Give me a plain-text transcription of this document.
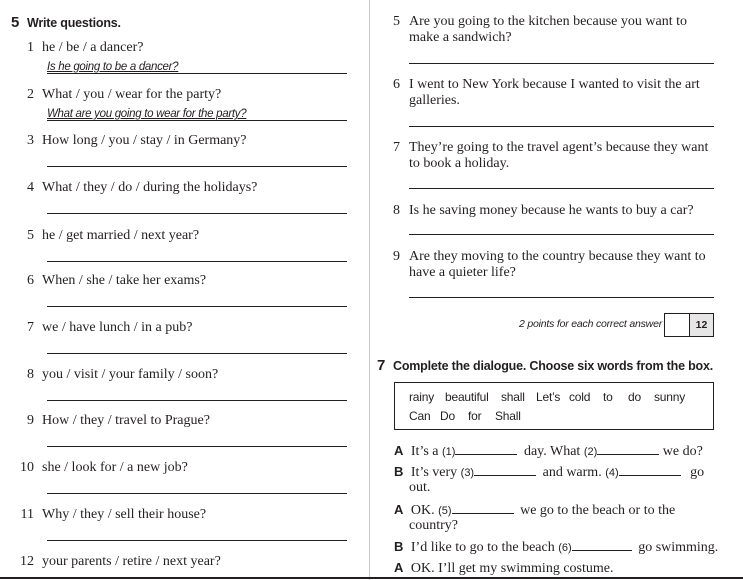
5 Write questions.
1 he / be / a dancer?
Is he going to be a dancer?
2 What / you / wear for the party?
What are you going to wear for the party?
3 How long / you / stay / in Germany?
4 What / they / do / during the holidays?
5 he / get married / next year?
6 When / she / take her exams?
7 we / have lunch / in a pub?
8 you / visit / your family / soon?
9 How / they / travel to Prague?
10 she / look for / a new job?
11 Why / they / sell their house?
12 your parents / retire / next year?
5 Are you going to the kitchen because you want to
make a sandwich?
6 I went to New York because I wanted to visit the art
galleries.
7 They’re going to the travel agent’s because they want
to book a holiday.
8 Is he saving money because he wants to buy a car?
9 Are they moving to the country because they want to
have a quieter life?
2 points for each correct answer	12
7 Complete the dialogue. Choose six words from the box.
rainy beautiful shall Let’s cold to do sunny
Can Do for Shall
A It’s a (1)	day. What (2)	we do?
B It’s very (3)	and warm. (4)	go
out.
A OK. (5)	we go to the beach or to the
country?
B I’d like to go to the beach (6)	go swimming.
A OK. I’ll get my swimming costume.
